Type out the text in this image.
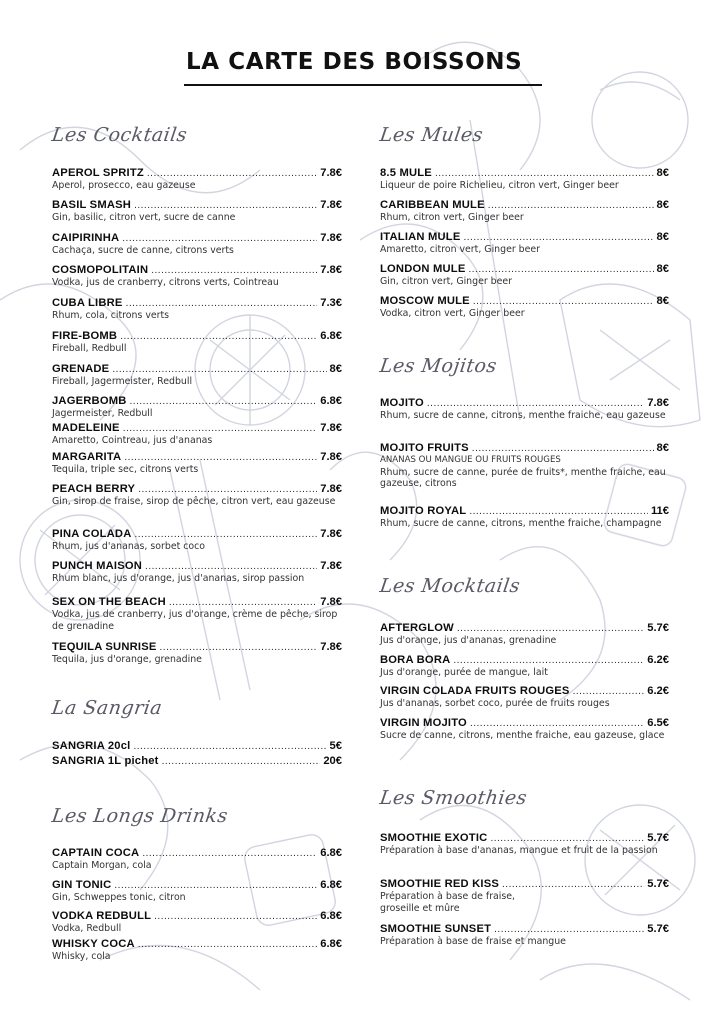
LA CARTE DES BOISSONS
Les Cocktails
APEROL SPRITZ .....	7.8€
Aperol, prosecco, eau gazeuse
BASIL SMASH .....	7.8€
Gin, basilic, citron vert, sucre de canne
CAIPIRINHA .....	7.8€
Cachaça, sucre de canne, citrons verts
COSMOPOLITAIN .....	7.8€
Vodka, jus de cranberry, citrons verts, Cointreau
CUBA LIBRE .....	7.3€
Rhum, cola, citrons verts
FIRE-BOMB .....	6.8€
Fireball, Redbull
GRENADE .....	8€
Fireball, Jagermeister, Redbull
JAGERBOMB .....	6.8€
Jagermeister, Redbull
MADELEINE .....	7.8€
Amaretto, Cointreau, jus d'ananas
MARGARITA .....	7.8€
Tequila, triple sec, citrons verts
PEACH BERRY .....	7.8€
Gin, sirop de fraise, sirop de pêche, citron vert, eau gazeuse
PINA COLADA .....	7.8€
Rhum, jus d'ananas, sorbet coco
PUNCH MAISON .....	7.8€
Rhum blanc, jus d'orange, jus d'ananas, sirop passion
SEX ON THE BEACH .....	7.8€
Vodka, jus de cranberry, jus d'orange, crème de pêche, sirop de grenadine
TEQUILA SUNRISE .....	7.8€
Tequila, jus d'orange, grenadine
La Sangria
SANGRIA 20cl .....	5€
SANGRIA 1L pichet .....	20€
Les Longs Drinks
CAPTAIN COCA .....	6.8€
Captain Morgan, cola
GIN TONIC .....	6.8€
Gin, Schweppes tonic, citron
VODKA REDBULL .....	6.8€
Vodka, Redbull
WHISKY COCA .....	6.8€
Whisky, cola
Les Mules
8.5 MULE .....	8€
Liqueur de poire Richelieu, citron vert, Ginger beer
CARIBBEAN MULE .....	8€
Rhum, citron vert, Ginger beer
ITALIAN MULE .....	8€
Amaretto, citron vert, Ginger beer
LONDON MULE .....	8€
Gin, citron vert, Ginger beer
MOSCOW MULE .....	8€
Vodka, citron vert, Ginger beer
Les Mojitos
MOJITO .....	7.8€
Rhum, sucre de canne, citrons, menthe fraiche, eau gazeuse
MOJITO FRUITS .....	8€
ANANAS OU MANGUE OU FRUITS ROUGES
Rhum, sucre de canne, purée de fruits*, menthe fraiche, eau gazeuse, citrons
MOJITO ROYAL .....	11€
Rhum, sucre de canne, citrons, menthe fraiche, champagne
Les Mocktails
AFTERGLOW .....	5.7€
Jus d'orange, jus d'ananas, grenadine
BORA BORA .....	6.2€
Jus d'orange, purée de mangue, lait
VIRGIN COLADA FRUITS ROUGES .....	6.2€
Jus d'ananas, sorbet coco, purée de fruits rouges
VIRGIN MOJITO .....	6.5€
Sucre de canne, citrons, menthe fraiche, eau gazeuse, glace
Les Smoothies
SMOOTHIE EXOTIC .....	5.7€
Préparation à base d'ananas, mangue et fruit de la passion
SMOOTHIE RED KISS .....	5.7€
Préparation à base de fraise, groseille et mûre
SMOOTHIE SUNSET .....	5.7€
Préparation à base de fraise et mangue
